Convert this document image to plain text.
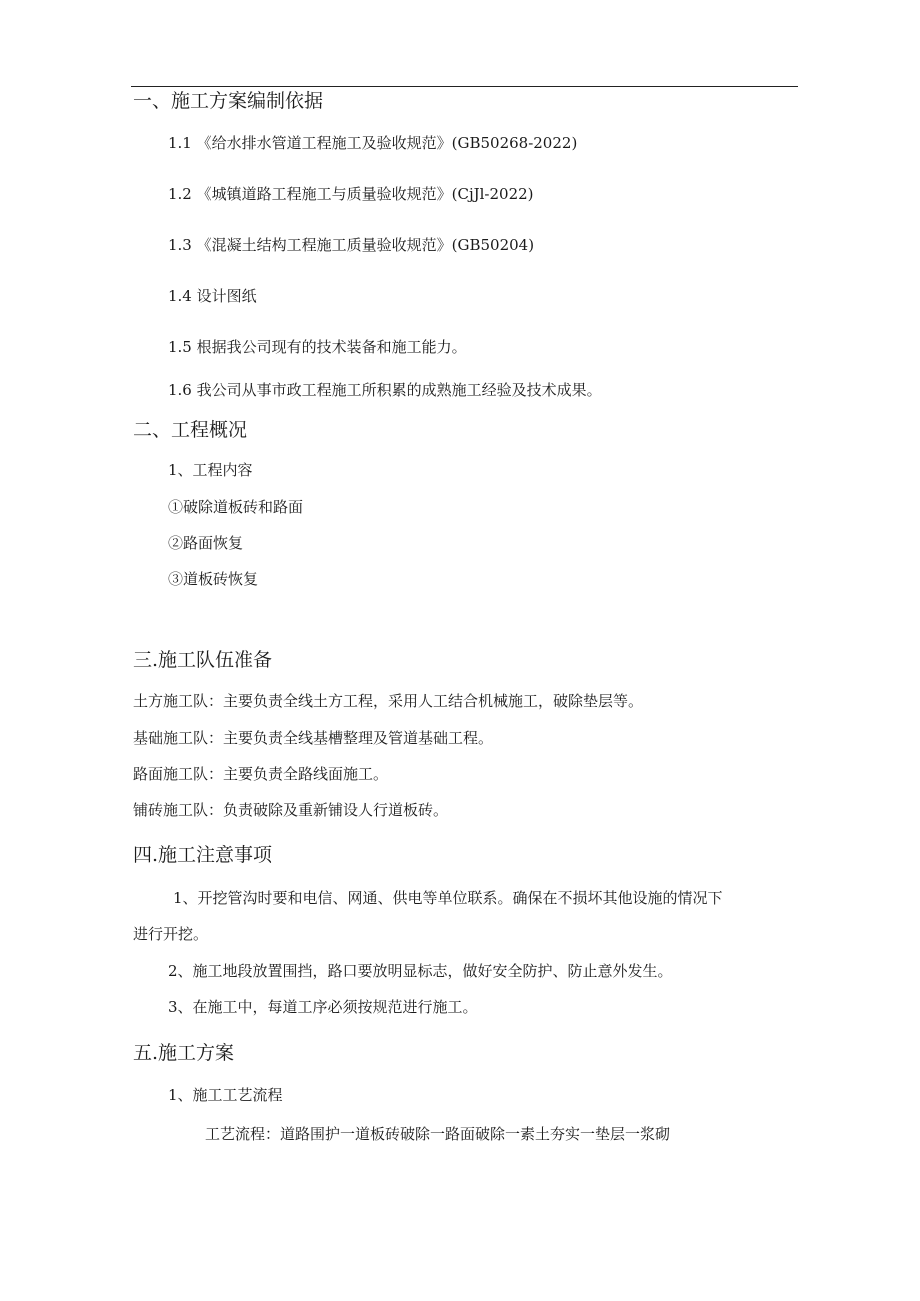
一、施工方案编制依据
1.1 《给水排水管道工程施工及验收规范》(GB50268-2022)
1.2 《城镇道路工程施工与质量验收规范》(CjJl-2022)
1.3 《混凝土结构工程施工质量验收规范》(GB50204)
1.4 设计图纸
1.5 根据我公司现有的技术装备和施工能力。
1.6 我公司从事市政工程施工所积累的成熟施工经验及技术成果。
二、工程概况
1、工程内容
①破除道板砖和路面
②路面恢复
③道板砖恢复
三.施工队伍准备
土方施工队：主要负责全线土方工程，采用人工结合机械施工，破除垫层等。
基础施工队：主要负责全线基槽整理及管道基础工程。
路面施工队：主要负责全路线面施工。
铺砖施工队：负责破除及重新铺设人行道板砖。
四.施工注意事项
1、开挖管沟时要和电信、网通、供电等单位联系。确保在不损坏其他设施的情况下
进行开挖。
2、施工地段放置围挡，路口要放明显标志，做好安全防护、防止意外发生。
3、在施工中，每道工序必须按规范进行施工。
五.施工方案
1、施工工艺流程
工艺流程：道路围护一道板砖破除一路面破除一素土夯实一垫层一浆砌
